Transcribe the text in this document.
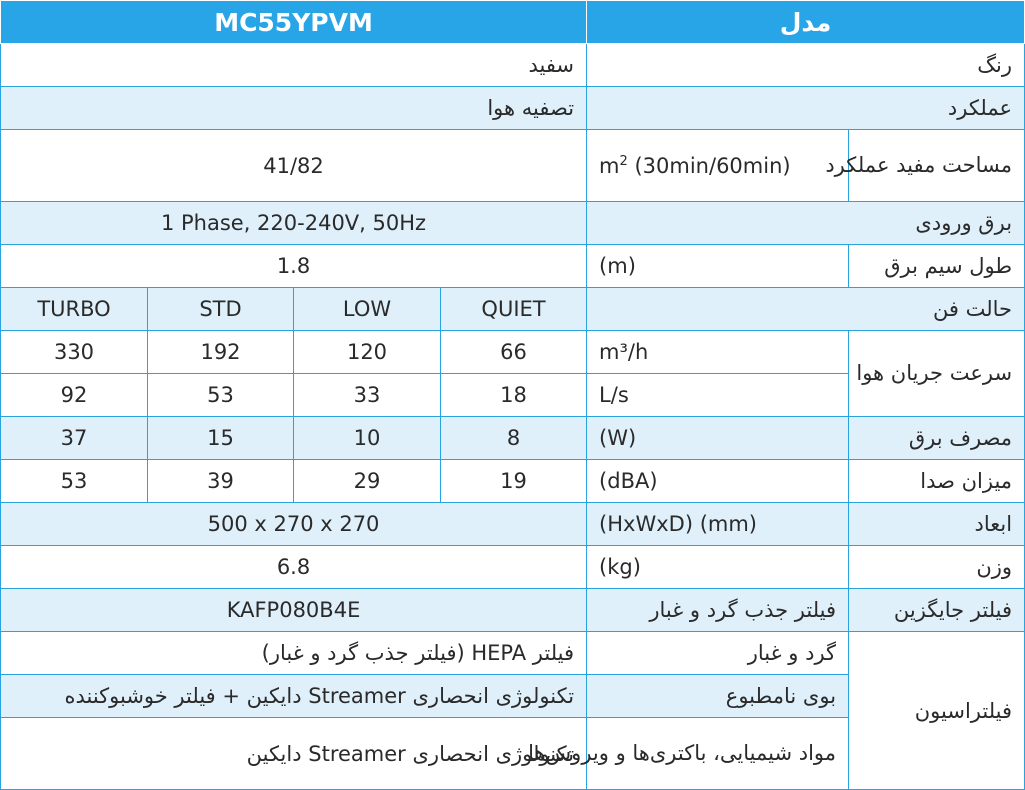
MC55YPVM				مدل	
سفید				رنگ	
تصفیه هوا				عملکرد	
41/82				$m^2$ (30min/60min)	مساحت مفید عملکرد
1 Phase, 220-240V, 50Hz				برق ورودی	
1.8				(m)	طول سیم برق
TURBO	STD	LOW	QUIET	حالت فن	
330	192	120	66	m³/h	سرعت جریان هوا
92	53	33	18	L/s	
37	15	10	8	(W)	مصرف برق
53	39	29	19	(dBA)	میزان صدا
500 x 270 x 270				(HxWxD) (mm)	ابعاد
6.8				(kg)	وزن
KAFP080B4E				فیلتر جذب گرد و غبار	فیلتر جایگزین
فیلتر HEPA (فیلتر جذب گرد و غبار)				گرد و غبار	فیلتراسیون
تکنولوژی انحصاری Streamer دایکین + فیلتر خوشبوکننده				بوی نامطبوع	
تکنولوژی انحصاری Streamer دایکین				مواد شیمیایی، باکتری‌ها و ویروس‌ها	
